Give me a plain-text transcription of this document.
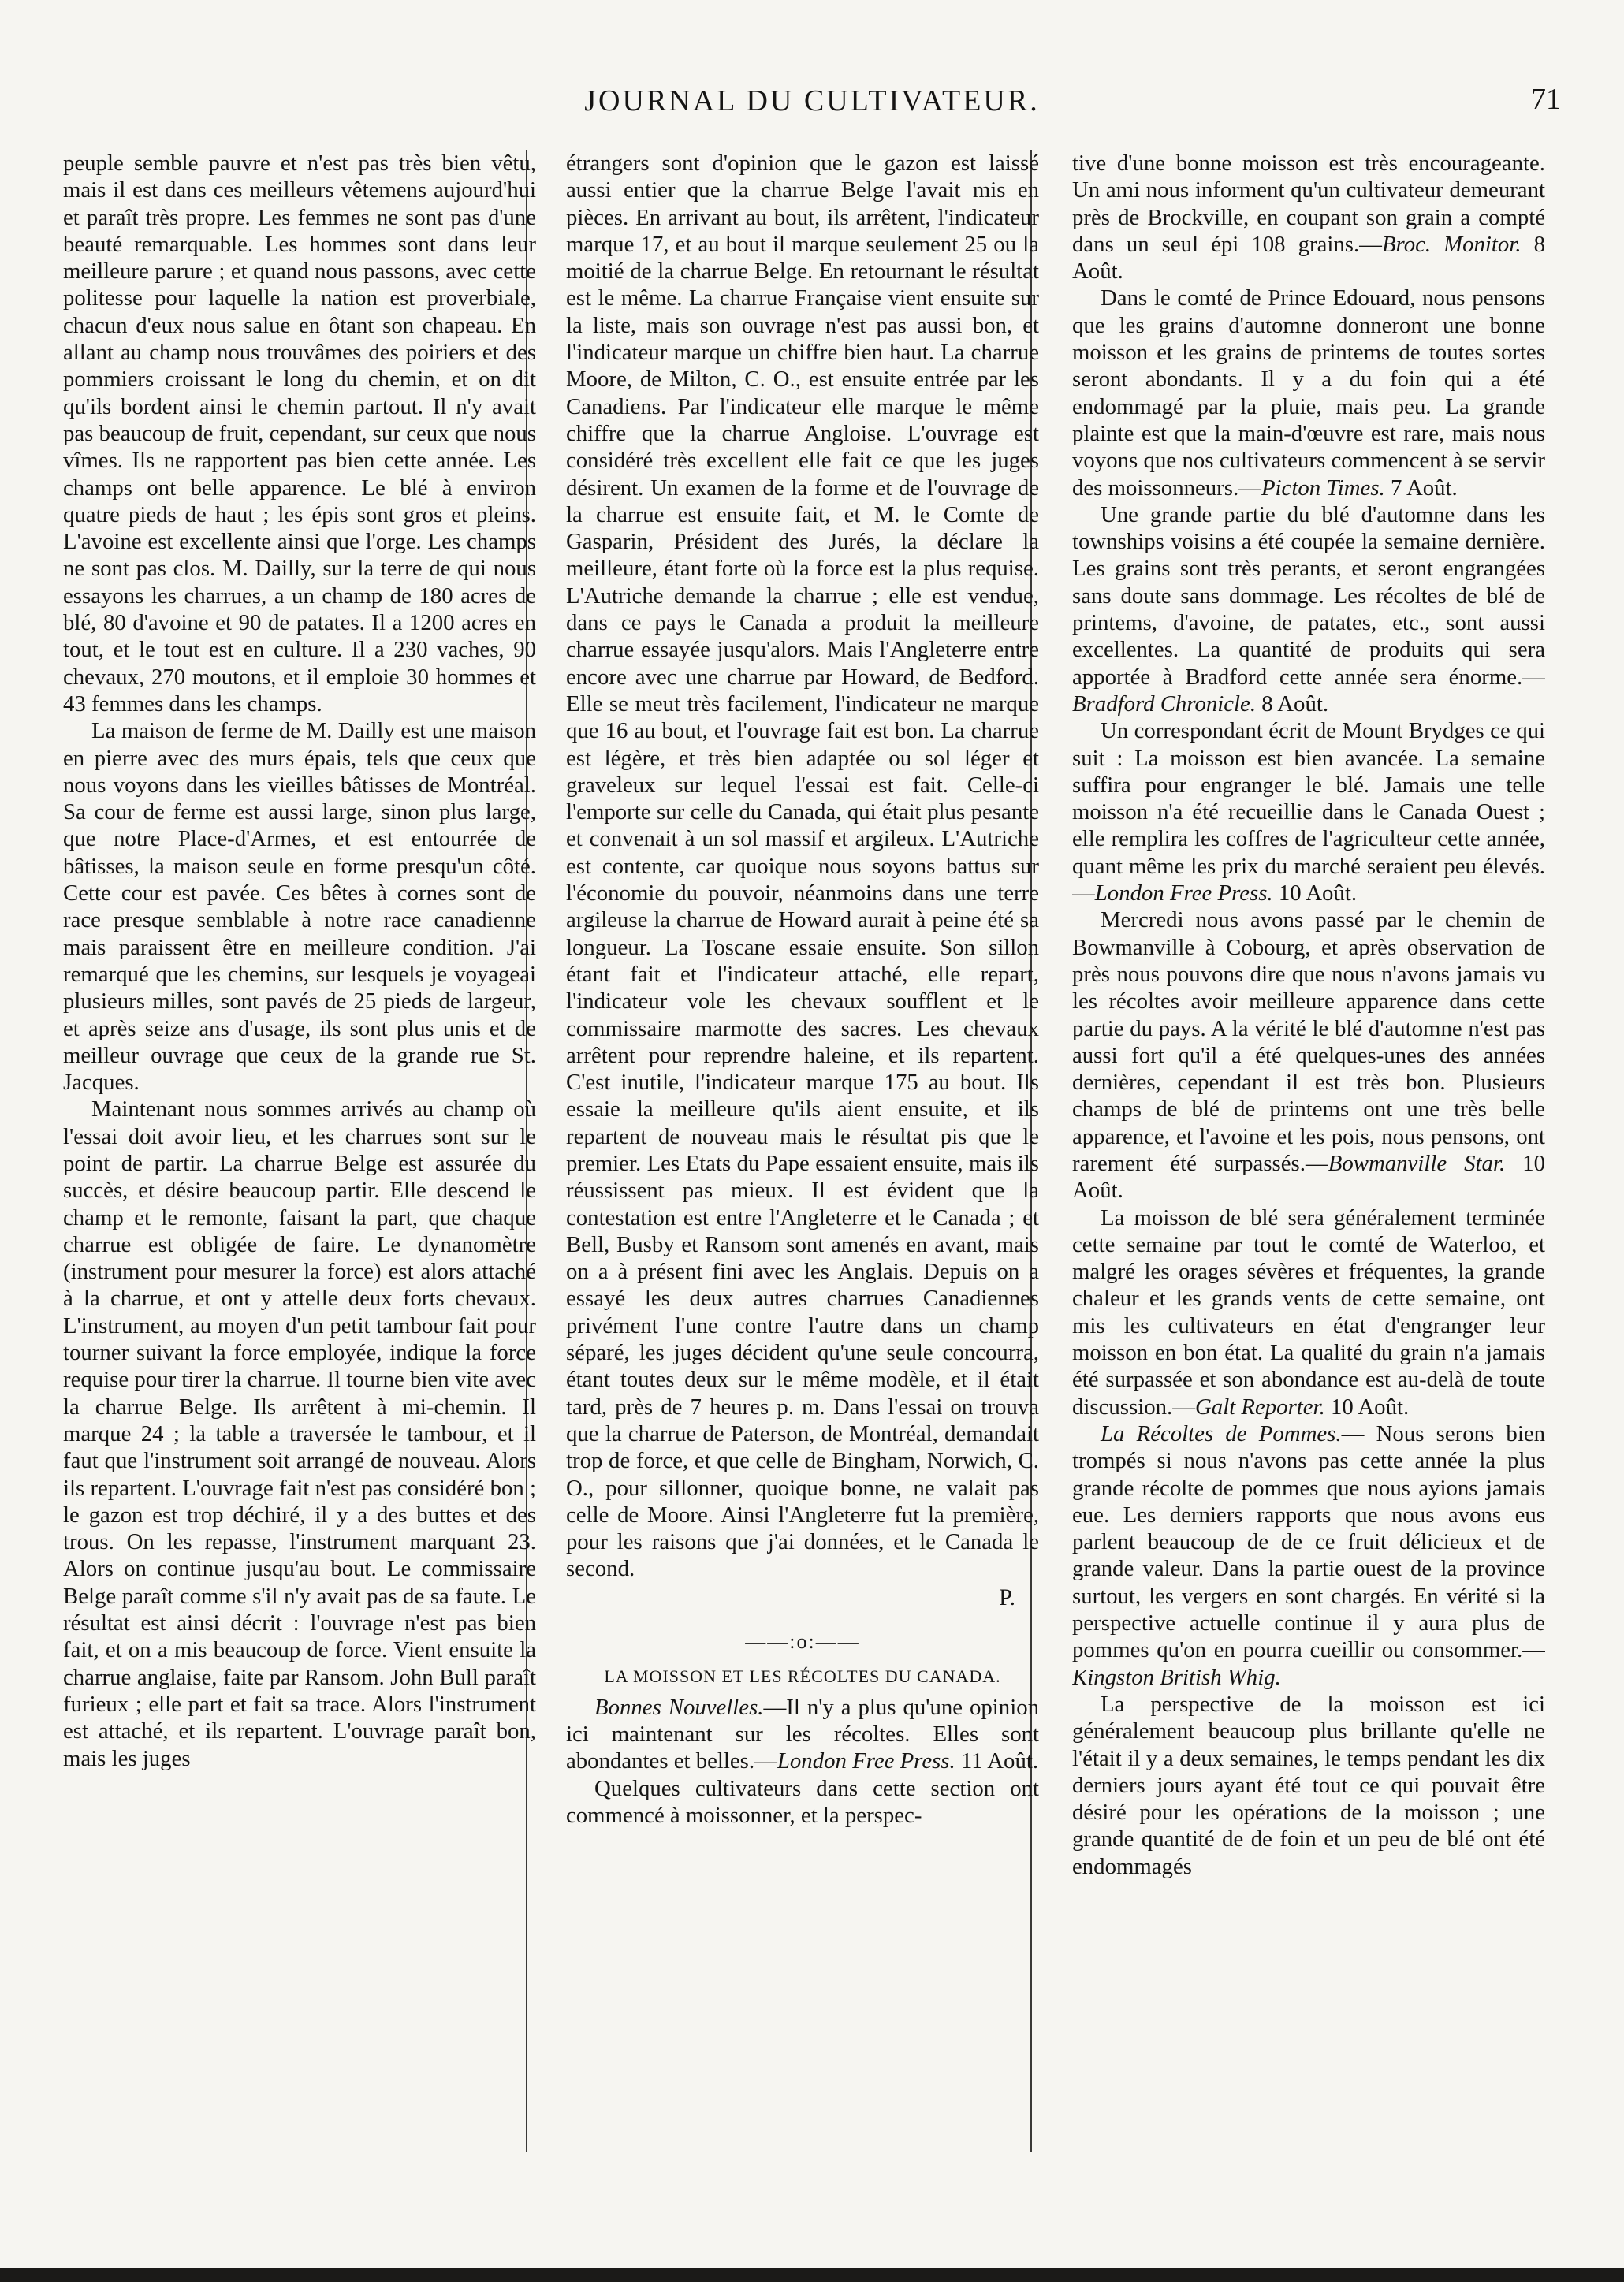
JOURNAL DU CULTIVATEUR.	71

peuple semble pauvre et n'est pas très bien vêtu, mais il est dans ces meilleurs vêtemens aujourd'hui et paraît très propre. Les femmes ne sont pas d'une beauté remarquable. Les hommes sont dans leur meilleure parure ; et quand nous passons, avec cette politesse pour laquelle la nation est proverbiale, chacun d'eux nous salue en ôtant son chapeau. En allant au champ nous trouvâmes des poiriers et des pommiers croissant le long du chemin, et on dit qu'ils bordent ainsi le chemin partout. Il n'y avait pas beaucoup de fruit, cependant, sur ceux que nous vîmes. Ils ne rapportent pas bien cette année. Les champs ont belle apparence. Le blé à environ quatre pieds de haut ; les épis sont gros et pleins. L'avoine est excellente ainsi que l'orge. Les champs ne sont pas clos. M. Dailly, sur la terre de qui nous essayons les charrues, a un champ de 180 acres de blé, 80 d'avoine et 90 de patates. Il a 1200 acres en tout, et le tout est en culture. Il a 230 vaches, 90 chevaux, 270 moutons, et il emploie 30 hommes et 43 femmes dans les champs.

La maison de ferme de M. Dailly est une maison en pierre avec des murs épais, tels que ceux que nous voyons dans les vieilles bâtisses de Montréal. Sa cour de ferme est aussi large, sinon plus large, que notre Place-d'Armes, et est entourrée de bâtisses, la maison seule en forme presqu'un côté. Cette cour est pavée. Ces bêtes à cornes sont de race presque semblable à notre race canadienne mais paraissent être en meilleure condition. J'ai remarqué que les chemins, sur lesquels je voyageai plusieurs milles, sont pavés de 25 pieds de largeur, et après seize ans d'usage, ils sont plus unis et de meilleur ouvrage que ceux de la grande rue St. Jacques.

Maintenant nous sommes arrivés au champ où l'essai doit avoir lieu, et les charrues sont sur le point de partir. La charrue Belge est assurée du succès, et désire beaucoup partir. Elle descend le champ et le remonte, faisant la part, que chaque charrue est obligée de faire. Le dynanomètre (instrument pour mesurer la force) est alors attaché à la charrue, et ont y attelle deux forts chevaux. L'instrument, au moyen d'un petit tambour fait pour tourner suivant la force employée, indique la force requise pour tirer la charrue. Il tourne bien vite avec la charrue Belge. Ils arrêtent à mi-chemin. Il marque 24 ; la table a traversée le tambour, et il faut que l'instrument soit arrangé de nouveau. Alors ils repartent. L'ouvrage fait n'est pas considéré bon ; le gazon est trop déchiré, il y a des buttes et des trous. On les repasse, l'instrument marquant 23. Alors on continue jusqu'au bout. Le commissaire Belge paraît comme s'il n'y avait pas de sa faute. Le résultat est ainsi décrit : l'ouvrage n'est pas bien fait, et on a mis beaucoup de force. Vient ensuite la charrue anglaise, faite par Ransom. John Bull paraît furieux ; elle part et fait sa trace. Alors l'instrument est attaché, et ils repartent. L'ouvrage paraît bon, mais les juges

étrangers sont d'opinion que le gazon est laissé aussi entier que la charrue Belge l'avait mis en pièces. En arrivant au bout, ils arrêtent, l'indicateur marque 17, et au bout il marque seulement 25 ou la moitié de la charrue Belge. En retournant le résultat est le même. La charrue Française vient ensuite sur la liste, mais son ouvrage n'est pas aussi bon, et l'indicateur marque un chiffre bien haut. La charrue Moore, de Milton, C. O., est ensuite entrée par les Canadiens. Par l'indicateur elle marque le même chiffre que la charrue Angloise. L'ouvrage est considéré très excellent elle fait ce que les juges désirent. Un examen de la forme et de l'ouvrage de la charrue est ensuite fait, et M. le Comte de Gasparin, Président des Jurés, la déclare la meilleure, étant forte où la force est la plus requise. L'Autriche demande la charrue ; elle est vendue, dans ce pays le Canada a produit la meilleure charrue essayée jusqu'alors. Mais l'Angleterre entre encore avec une charrue par Howard, de Bedford. Elle se meut très facilement, l'indicateur ne marque que 16 au bout, et l'ouvrage fait est bon. La charrue est légère, et très bien adaptée ou sol léger et graveleux sur lequel l'essai est fait. Celle-ci l'emporte sur celle du Canada, qui était plus pesante et convenait à un sol massif et argileux. L'Autriche est contente, car quoique nous soyons battus sur l'économie du pouvoir, néanmoins dans une terre argileuse la charrue de Howard aurait à peine été sa longueur. La Toscane essaie ensuite. Son sillon étant fait et l'indicateur attaché, elle repart, l'indicateur vole les chevaux soufflent et le commissaire marmotte des sacres. Les chevaux arrêtent pour reprendre haleine, et ils repartent. C'est inutile, l'indicateur marque 175 au bout. Ils essaie la meilleure qu'ils aient ensuite, et ils repartent de nouveau mais le résultat pis que le premier. Les Etats du Pape essaient ensuite, mais ils réussissent pas mieux. Il est évident que la contestation est entre l'Angleterre et le Canada ; et Bell, Busby et Ransom sont amenés en avant, mais on a à présent fini avec les Anglais. Depuis on a essayé les deux autres charrues Canadiennes privément l'une contre l'autre dans un champ séparé, les juges décident qu'une seule concourra, étant toutes deux sur le même modèle, et il était tard, près de 7 heures p. m. Dans l'essai on trouva que la charrue de Paterson, de Montréal, demandait trop de force, et que celle de Bingham, Norwich, C. O., pour sillonner, quoique bonne, ne valait pas celle de Moore. Ainsi l'Angleterre fut la première, pour les raisons que j'ai données, et le Canada le second.

P.

——:o:——

LA MOISSON ET LES RÉCOLTES DU CANADA.

Bonnes Nouvelles.—Il n'y a plus qu'une opinion ici maintenant sur les récoltes. Elles sont abondantes et belles.—London Free Press. 11 Août.

Quelques cultivateurs dans cette section ont commencé à moissonner, et la perspec-

tive d'une bonne moisson est très encourageante. Un ami nous informent qu'un cultivateur demeurant près de Brockville, en coupant son grain a compté dans un seul épi 108 grains.—Broc. Monitor. 8 Août.

Dans le comté de Prince Edouard, nous pensons que les grains d'automne donneront une bonne moisson et les grains de printems de toutes sortes seront abondants. Il y a du foin qui a été endommagé par la pluie, mais peu. La grande plainte est que la main-d'œuvre est rare, mais nous voyons que nos cultivateurs commencent à se servir des moissonneurs.—Picton Times. 7 Août.

Une grande partie du blé d'automne dans les townships voisins a été coupée la semaine dernière. Les grains sont très perants, et seront engrangées sans doute sans dommage. Les récoltes de blé de printems, d'avoine, de patates, etc., sont aussi excellentes. La quantité de produits qui sera apportée à Bradford cette année sera énorme.—Bradford Chronicle. 8 Août.

Un correspondant écrit de Mount Brydges ce qui suit : La moisson est bien avancée. La semaine suffira pour engranger le blé. Jamais une telle moisson n'a été recueillie dans le Canada Ouest ; elle remplira les coffres de l'agriculteur cette année, quant même les prix du marché seraient peu élevés.—London Free Press. 10 Août.

Mercredi nous avons passé par le chemin de Bowmanville à Cobourg, et après observation de près nous pouvons dire que nous n'avons jamais vu les récoltes avoir meilleure apparence dans cette partie du pays. A la vérité le blé d'automne n'est pas aussi fort qu'il a été quelques-unes des années dernières, cependant il est très bon. Plusieurs champs de blé de printems ont une très belle apparence, et l'avoine et les pois, nous pensons, ont rarement été surpassés.—Bowmanville Star. 10 Août.

La moisson de blé sera généralement terminée cette semaine par tout le comté de Waterloo, et malgré les orages sévères et fréquentes, la grande chaleur et les grands vents de cette semaine, ont mis les cultivateurs en état d'engranger leur moisson en bon état. La qualité du grain n'a jamais été surpassée et son abondance est au-delà de toute discussion.—Galt Reporter. 10 Août.

La Récoltes de Pommes.— Nous serons bien trompés si nous n'avons pas cette année la plus grande récolte de pommes que nous ayions jamais eue. Les derniers rapports que nous avons eus parlent beaucoup de de ce fruit délicieux et de grande valeur. Dans la partie ouest de la province surtout, les vergers en sont chargés. En vérité si la perspective actuelle continue il y aura plus de pommes qu'on en pourra cueillir ou consommer.—Kingston British Whig.

La perspective de la moisson est ici généralement beaucoup plus brillante qu'elle ne l'était il y a deux semaines, le temps pendant les dix derniers jours ayant été tout ce qui pouvait être désiré pour les opérations de la moisson ; une grande quantité de de foin et un peu de blé ont été endommagés
